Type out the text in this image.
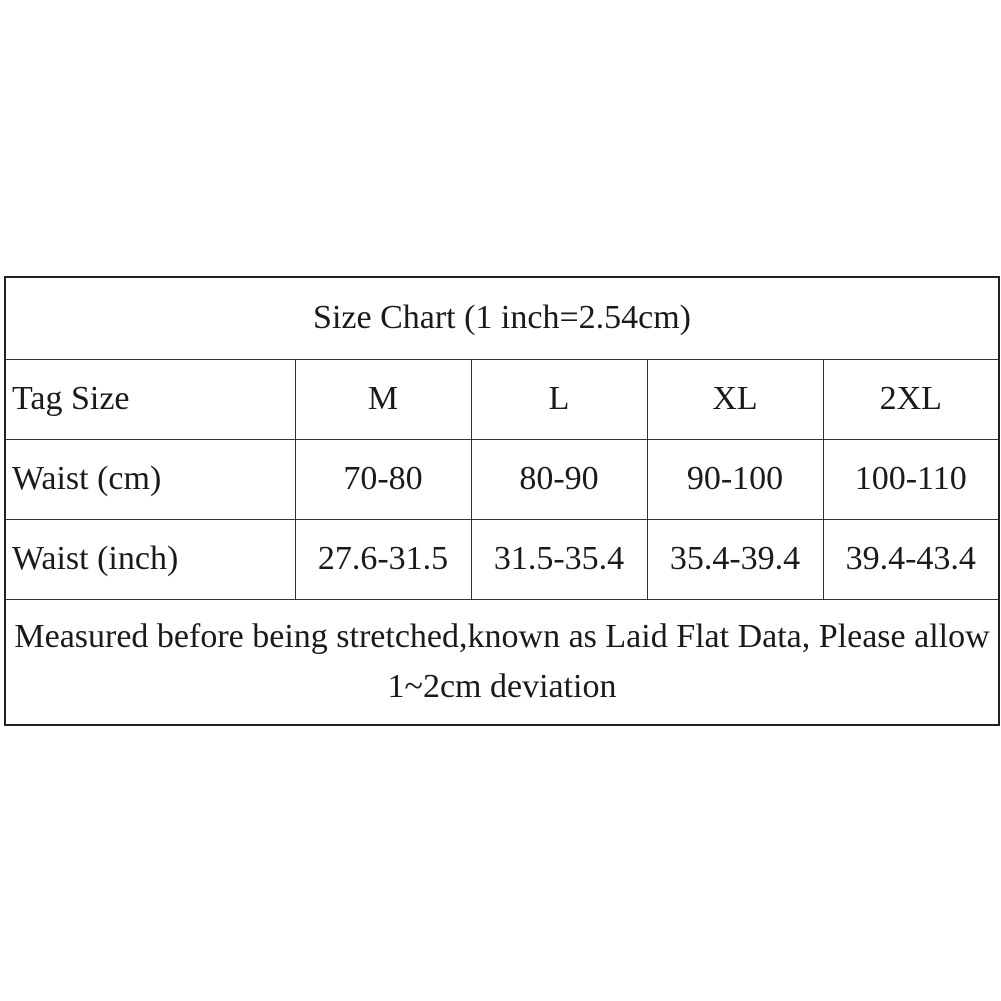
Size Chart (1 inch=2.54cm)				
Tag Size	M	L	XL	2XL
Waist (cm)	70-80	80-90	90-100	100-110
Waist (inch)	27.6-31.5	31.5-35.4	35.4-39.4	39.4-43.4
Measured before being stretched,known as Laid Flat Data, Please allow 1~2cm deviation				
